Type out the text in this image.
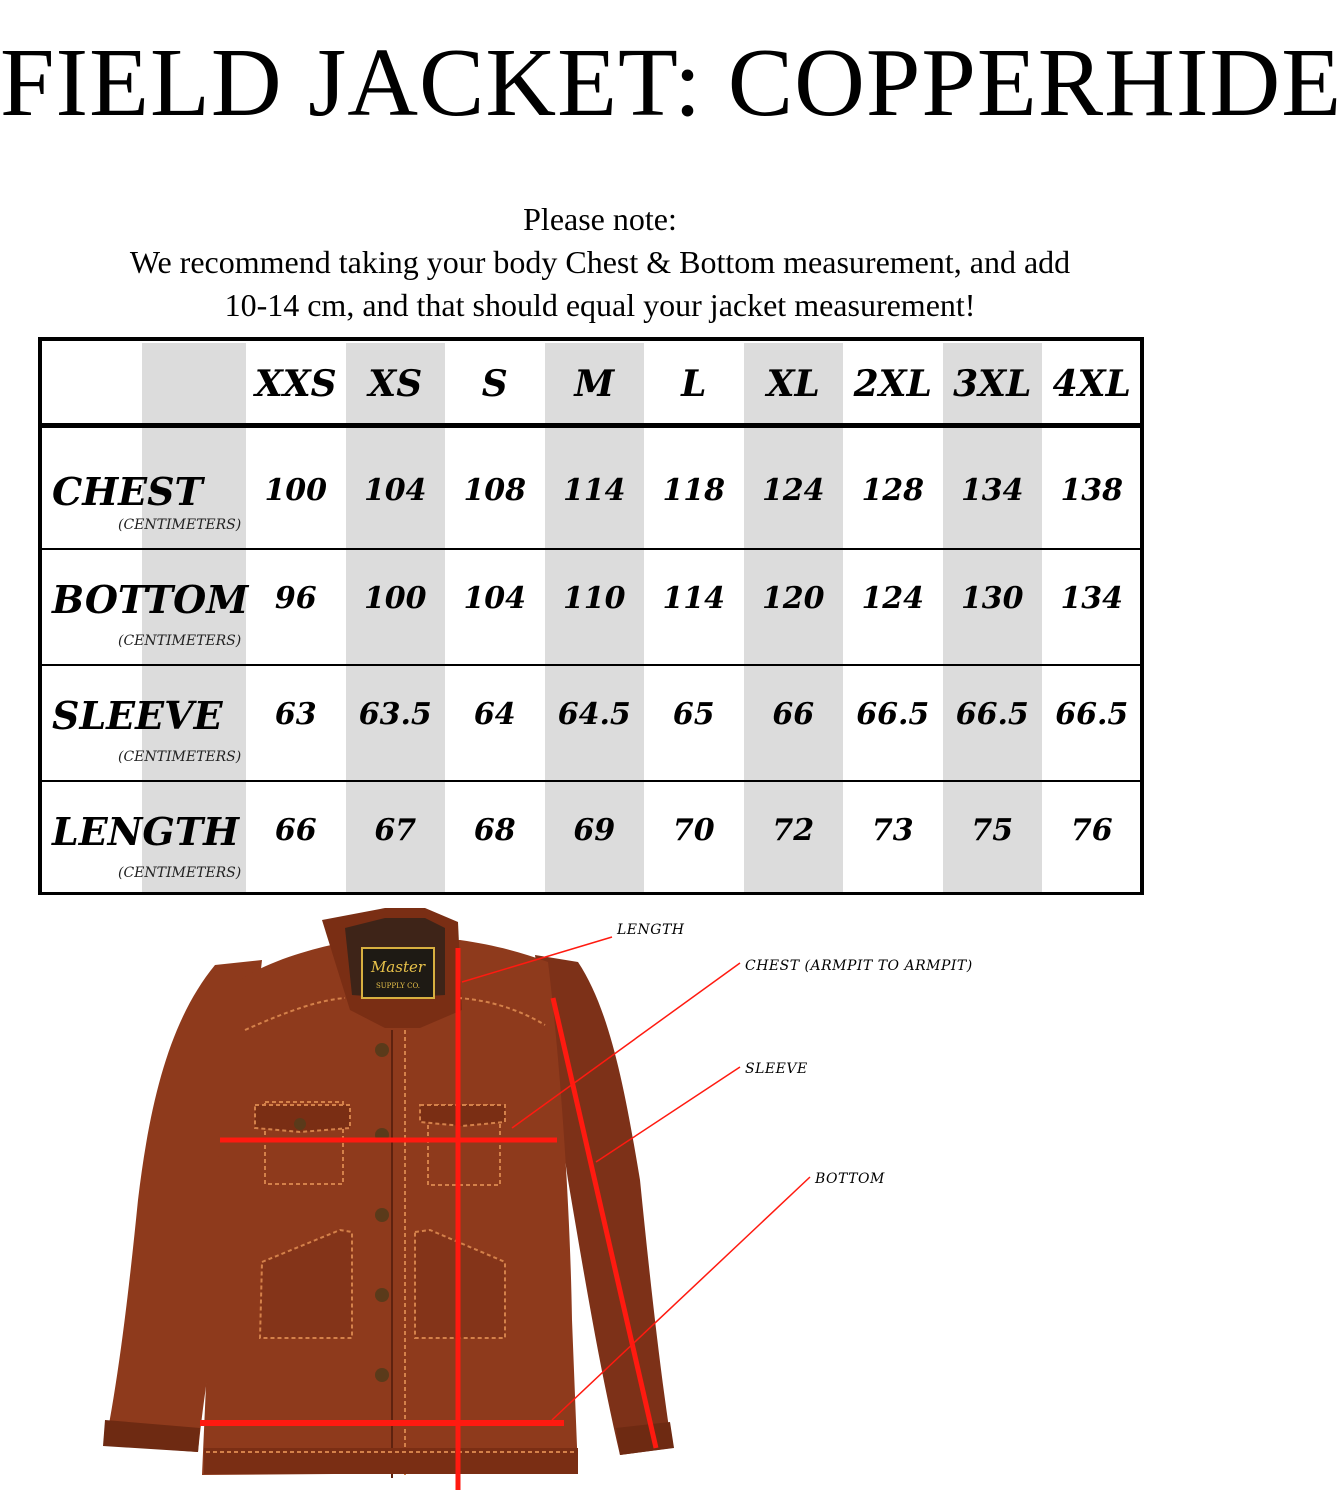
FIELD JACKET: COPPERHIDE
Please note:
We recommend taking your body Chest & Bottom measurement, and add
10-14 cm, and that should equal your jacket measurement!
XXS XS	S	M	L	XL 2XL 3XL 4XL
CHEST
(CENTIMETERS)
100	104	108	114	118	124	128	134	138
BOTTOM
(CENTIMETERS)
96	100	104	110	114	120	124	130	134
SLEEVE
(CENTIMETERS)
63	63.5	64	64.5	65	66	66.5 66.5 66.5
LENGTH
(CENTIMETERS)
66	67	68	69	70	72	73	75	76
Master
SUPPLY CO.
LENGTH
CHEST (ARMPIT TO ARMPIT)
SLEEVE
BOTTOM
